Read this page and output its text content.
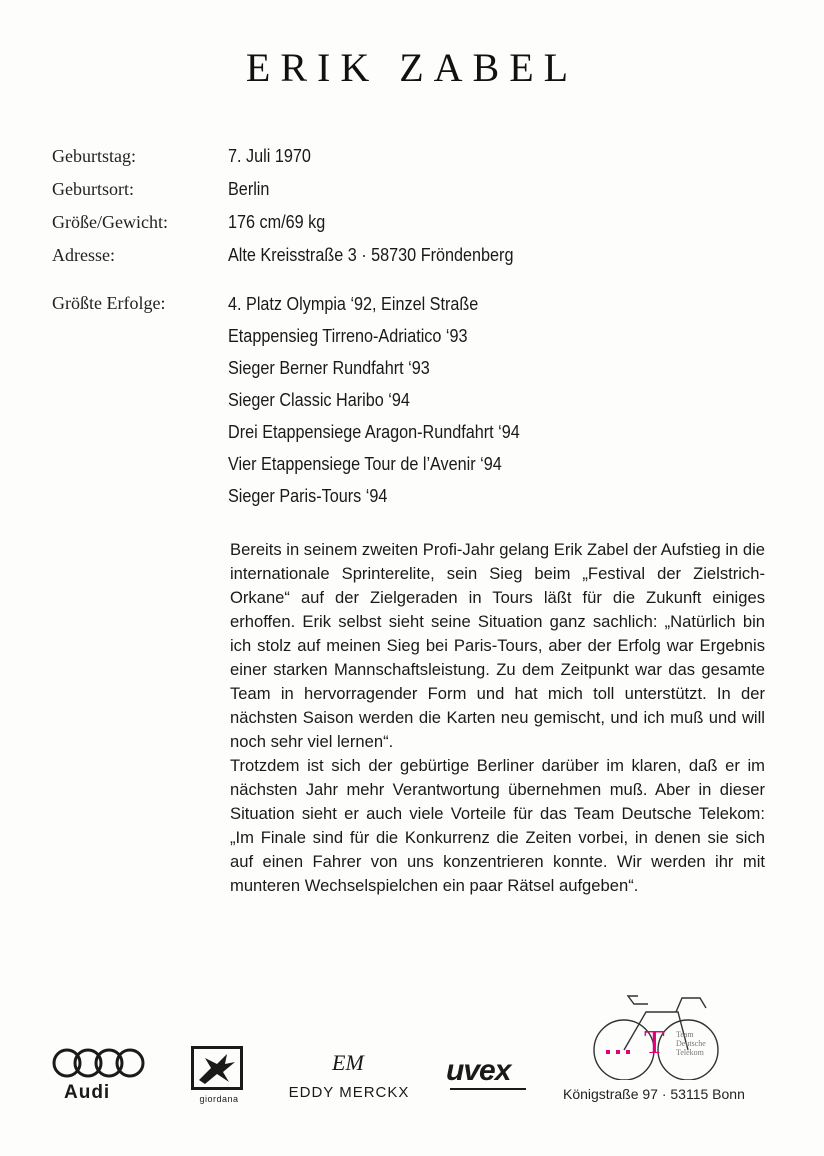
ERIK ZABEL
Geburtstag:	7. Juli 1970
Geburtsort:	Berlin
Größe/Gewicht:	176 cm/69 kg
Adresse:	Alte Kreisstraße 3 · 58730 Fröndenberg
Größte Erfolge:	4. Platz Olympia ‘92, Einzel Straße
Etappensieg Tirreno-Adriatico ‘93
Sieger Berner Rundfahrt ‘93
Sieger Classic Haribo ‘94
Drei Etappensiege Aragon-Rundfahrt ‘94
Vier Etappensiege Tour de l’Avenir ‘94
Sieger Paris-Tours ‘94

Bereits in seinem zweiten Profi-Jahr gelang Erik Zabel der Aufstieg in die internationale Sprinterelite, sein Sieg beim „Festival der Zielstrich-Orkane“ auf der Zielgeraden in Tours läßt für die Zukunft einiges erhoffen. Erik selbst sieht seine Situation ganz sachlich: „Natürlich bin ich stolz auf meinen Sieg bei Paris-Tours, aber der Erfolg war Ergebnis einer starken Mannschaftsleistung. Zu dem Zeitpunkt war das gesamte Team in hervorragender Form und hat mich toll unterstützt. In der nächsten Saison werden die Karten neu gemischt, und ich muß und will noch sehr viel lernen“.

Trotzdem ist sich der gebürtige Berliner darüber im klaren, daß er im nächsten Jahr mehr Verantwortung übernehmen muß. Aber in dieser Situation sieht er auch viele Vorteile für das Team Deutsche Telekom: „Im Finale sind für die Konkurrenz die Zeiten vorbei, in denen sie sich auf einen Fahrer von uns konzentrieren konnte. Wir werden ihr mit munteren Wechselspielchen ein paar Rätsel aufgeben“.

Audi	giordana
EM
EDDY MERCKX
uvex
T Team
Deutsche
Telekom
Königstraße 97 · 53115 Bonn
